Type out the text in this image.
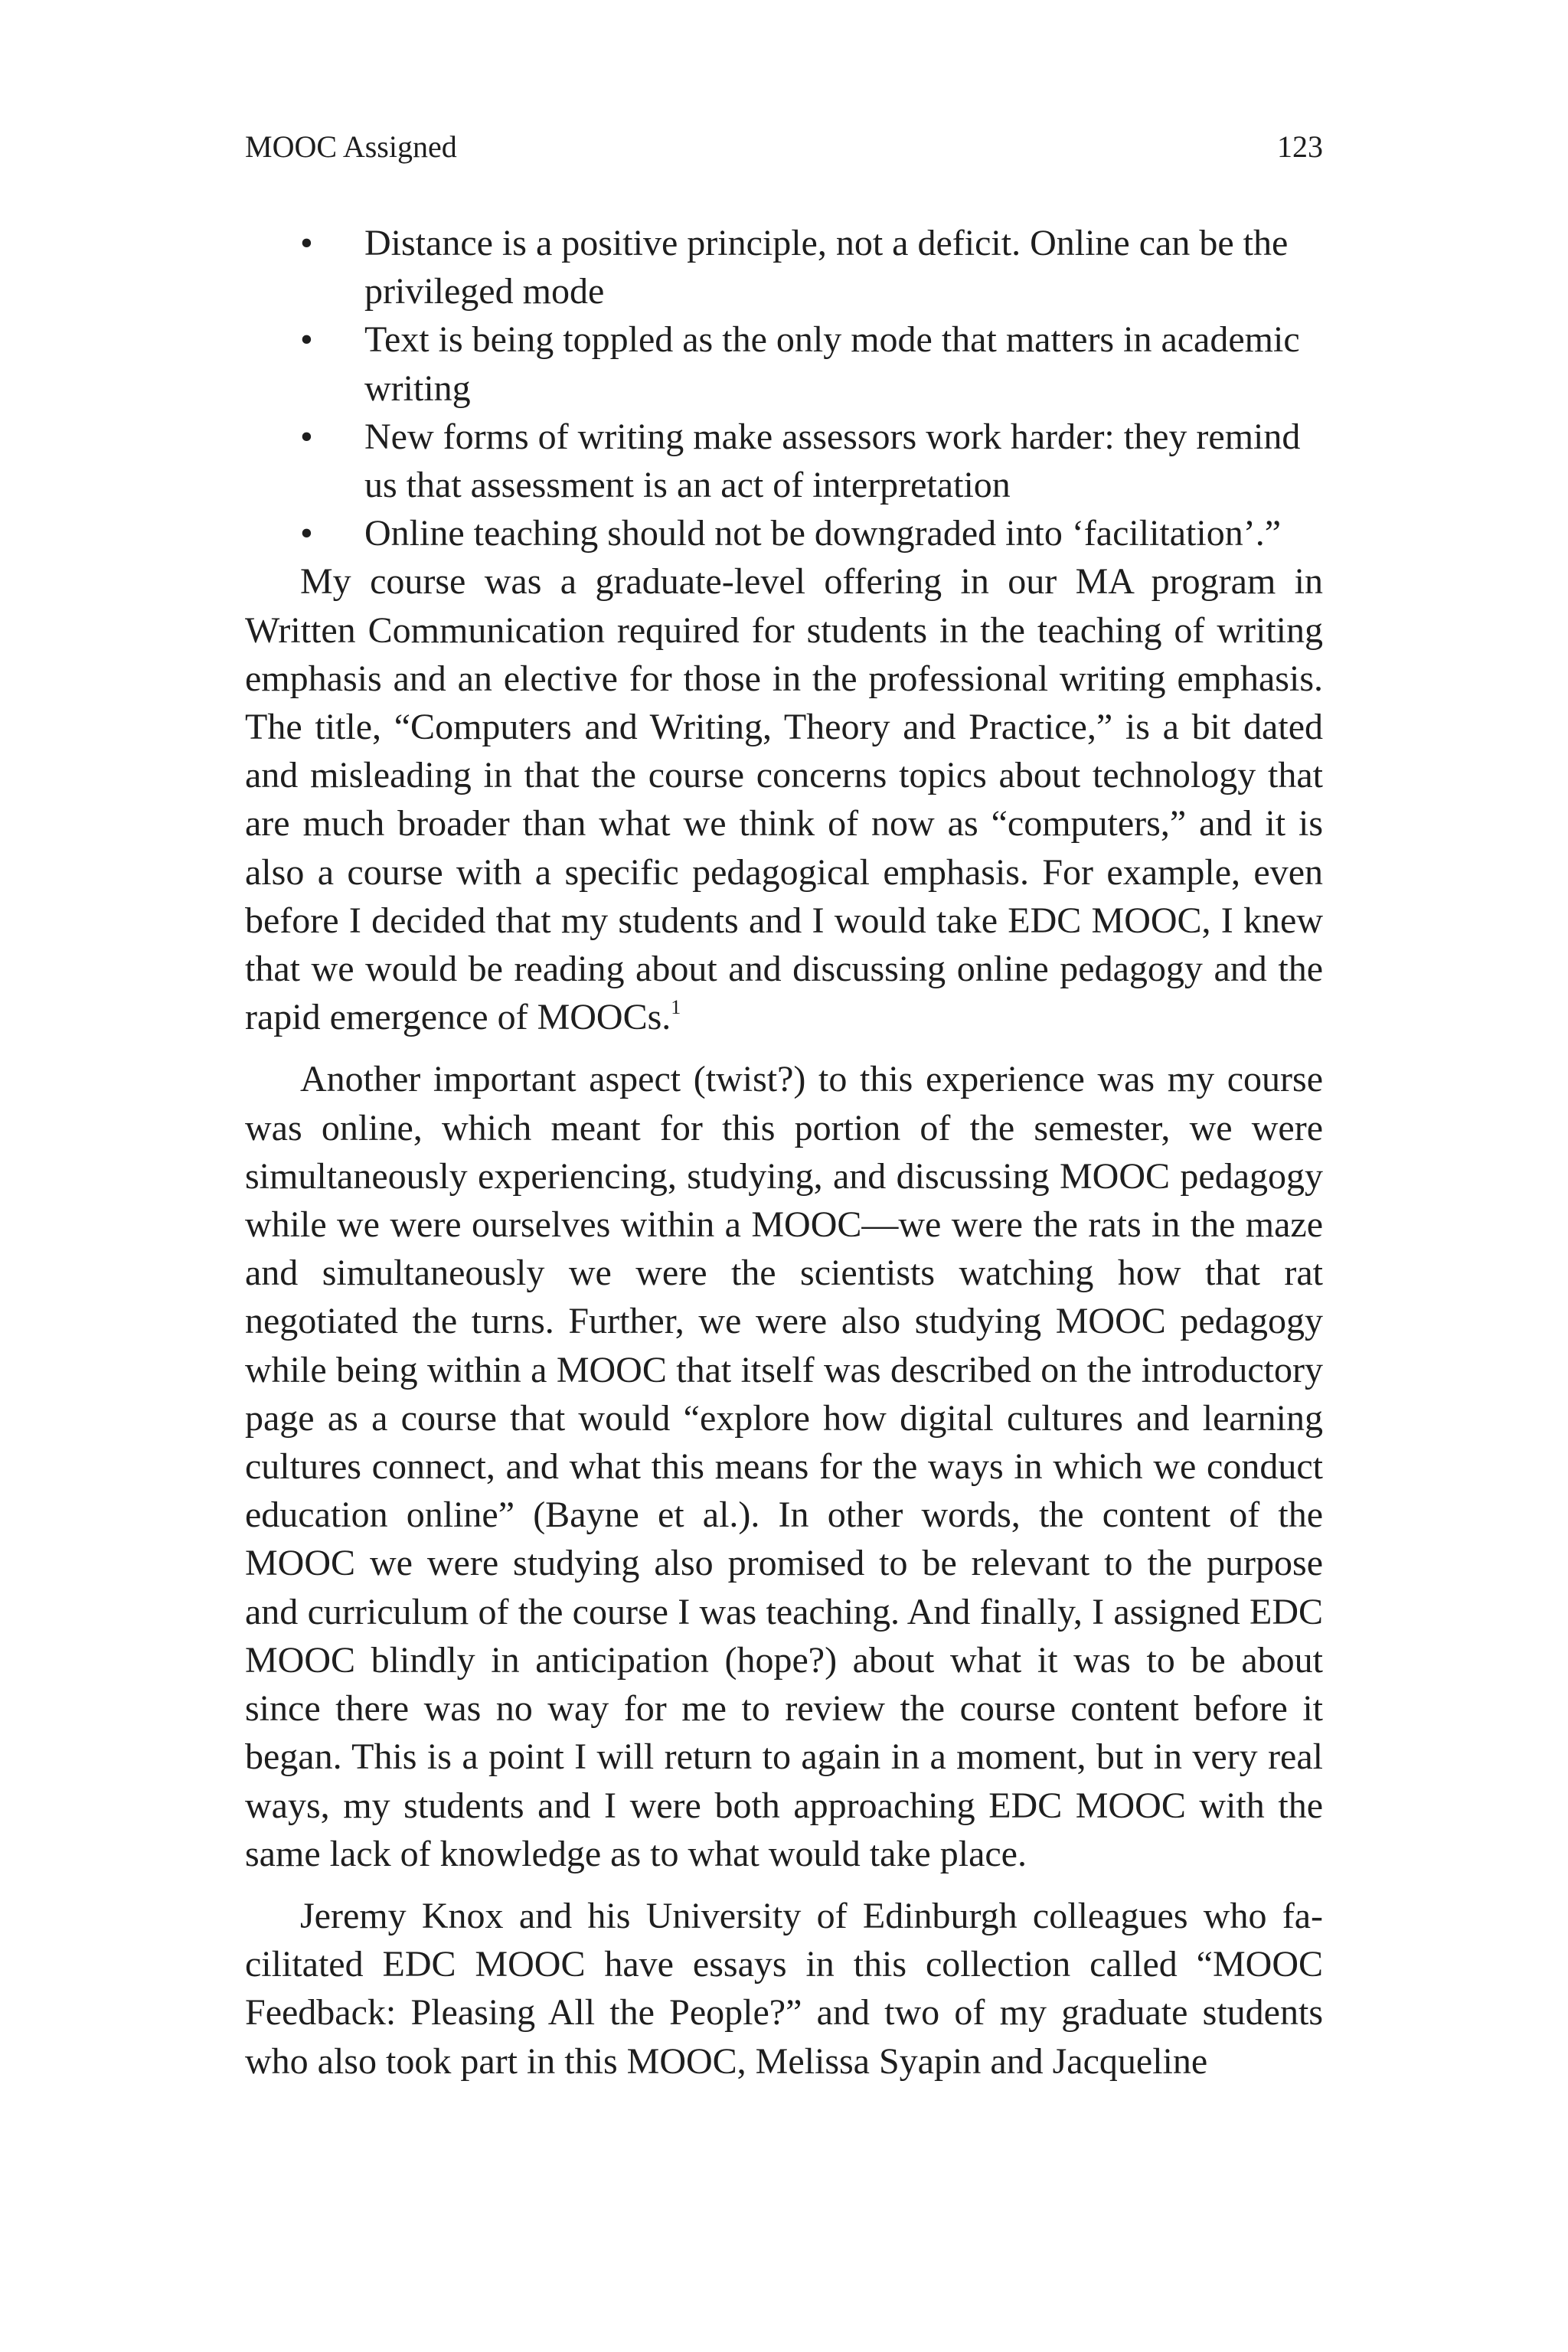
MOOC Assigned	123
• Distance is a positive principle, not a deficit. Online can be the privileged mode
• Text is being toppled as the only mode that matters in academic writing
• New forms of writing make assessors work harder: they remind us that assessment is an act of interpretation
• Online teaching should not be downgraded into ‘facilitation’.”

My course was a graduate-level offering in our MA program in Written Communication required for students in the teaching of writing emphasis and an elective for those in the professional writing emphasis. The title, “Computers and Writing, Theory and Practice,” is a bit dated and misleading in that the course concerns topics about technology that are much broader than what we think of now as “computers,” and it is also a course with a specific pedagogical emphasis. For example, even before I decided that my students and I would take EDC MOOC, I knew that we would be reading about and discussing online pedagogy and the rapid emergence of MOOCs.$^1$

Another important aspect (twist?) to this experience was my course was online, which meant for this portion of the semester, we were simultaneously experiencing, studying, and discussing MOOC pedagogy while we were ourselves within a MOOC—we were the rats in the maze and simultaneously we were the scientists watching how that rat negotiated the turns. Further, we were also studying MOOC pedagogy while being within a MOOC that itself was described on the introductory page as a course that would “explore how digital cultures and learning cultures connect, and what this means for the ways in which we conduct education online” (Bayne et al.). In other words, the content of the MOOC we were studying also promised to be relevant to the purpose and curriculum of the course I was teaching. And finally, I assigned EDC MOOC blindly in anticipation (hope?) about what it was to be about since there was no way for me to review the course content before it began. This is a point I will return to again in a moment, but in very real ways, my students and I were both approaching EDC MOOC with the same lack of knowledge as to what would take place.

Jeremy Knox and his University of Edinburgh colleagues who facilitated EDC MOOC have essays in this collection called “MOOC Feedback: Pleasing All the People?” and two of my graduate students who also took part in this MOOC, Melissa Syapin and Jacqueline
